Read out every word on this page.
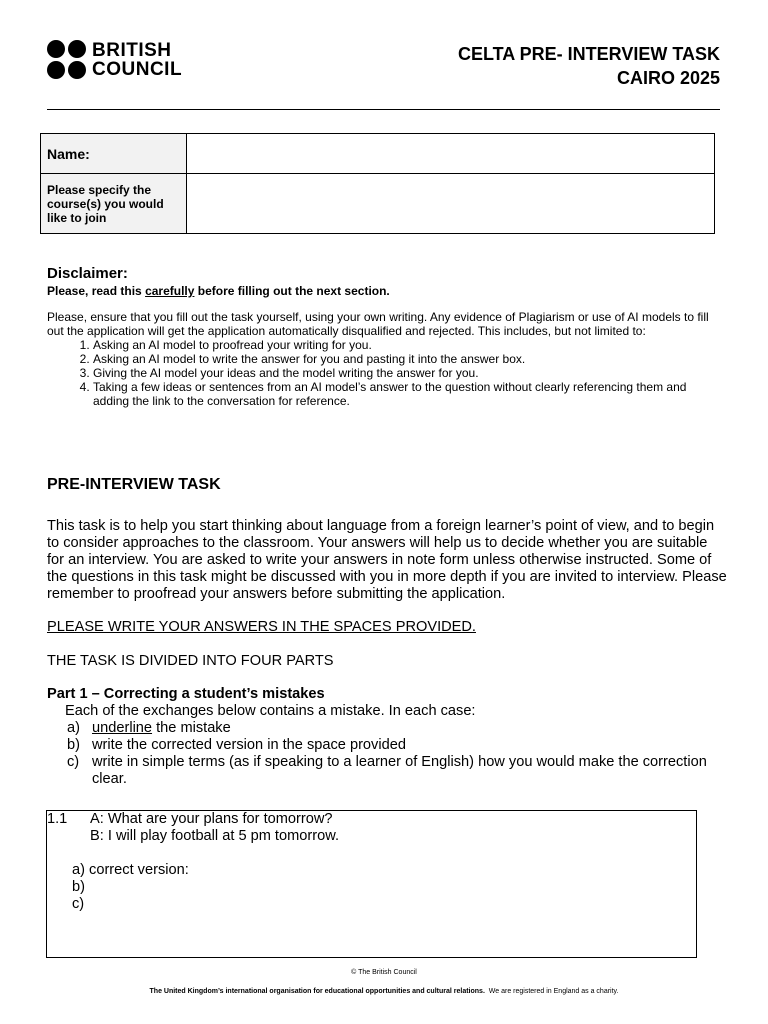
BRITISH
COUNCIL
CELTA PRE- INTERVIEW TASK
CAIRO 2025
Name:	
Please specify the course(s) you would like to join	
Disclaimer:
Please, read this carefully before filling out the next section.
Please, ensure that you fill out the task yourself, using your own writing. Any evidence of Plagiarism or use of AI models to fill out the application will get the application automatically disqualified and rejected. This includes, but not limited to:
1. Asking an AI model to proofread your writing for you.
2. Asking an AI model to write the answer for you and pasting it into the answer box.
3. Giving the AI model your ideas and the model writing the answer for you.
4. Taking a few ideas or sentences from an AI model’s answer to the question without clearly referencing them and adding the link to the conversation for reference.
PRE-INTERVIEW TASK
This task is to help you start thinking about language from a foreign learner’s point of view, and to begin to consider approaches to the classroom. Your answers will help us to decide whether you are suitable for an interview. You are asked to write your answers in note form unless otherwise instructed. Some of the questions in this task might be discussed with you in more depth if you are invited to interview. Please remember to proofread your answers before submitting the application.
PLEASE WRITE YOUR ANSWERS IN THE SPACES PROVIDED.
THE TASK IS DIVIDED INTO FOUR PARTS
Part 1 – Correcting a student’s mistakes
Each of the exchanges below contains a mistake. In each case:
a) underline the mistake
b) write the corrected version in the space provided
c) write in simple terms (as if speaking to a learner of English) how you would make the correction clear.
1.1	A: What are your plans for tomorrow?
B: I will play football at 5 pm tomorrow.
a) correct version:
b)
c)
© The British Council
The United Kingdom’s international organisation for educational opportunities and cultural relations. We are registered in England as a charity.
